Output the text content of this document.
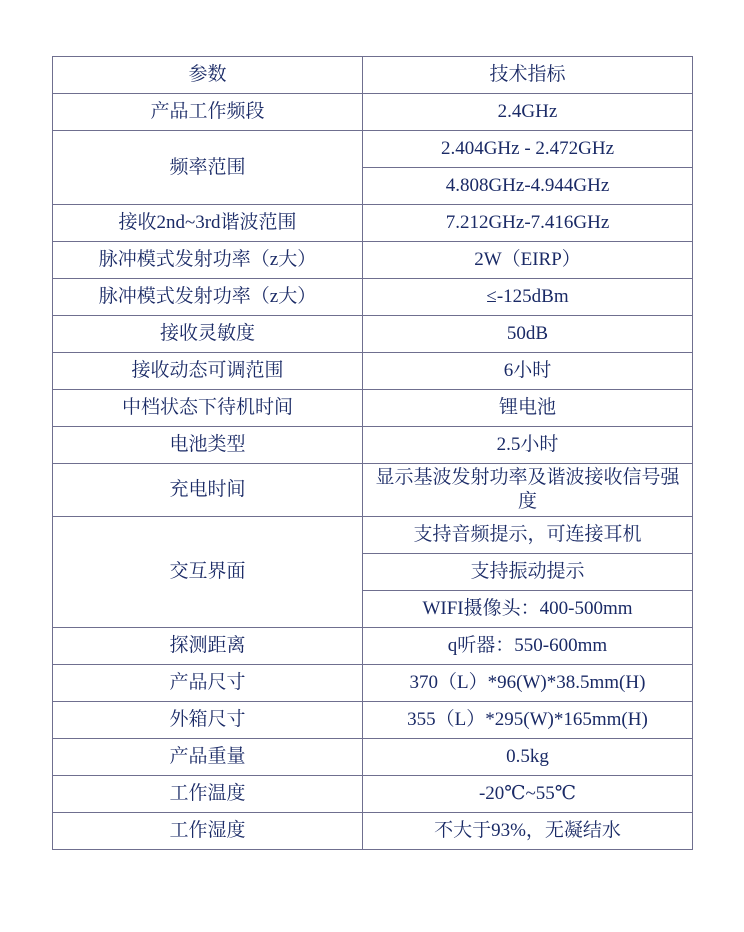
参数	技术指标
产品工作频段	2.4GHz
频率范围	2.404GHz - 2.472GHz
	4.808GHz-4.944GHz
接收2nd~3rd谐波范围	7.212GHz-7.416GHz
脉冲模式发射功率（z大）	2W（EIRP）
脉冲模式发射功率（z大）	≤-125dBm
接收灵敏度	50dB
接收动态可调范围	6小时
中档状态下待机时间	锂电池
电池类型	2.5小时
充电时间	显示基波发射功率及谐波接收信号强度
交互界面	支持音频提示，可连接耳机
	支持振动提示
	WIFI摄像头：400-500mm
探测距离	q听器：550-600mm
产品尺寸	370（L）*96(W)*38.5mm(H)
外箱尺寸	355（L）*295(W)*165mm(H)
产品重量	0.5kg
工作温度	-20℃~55℃
工作湿度	不大于93%，无凝结水
